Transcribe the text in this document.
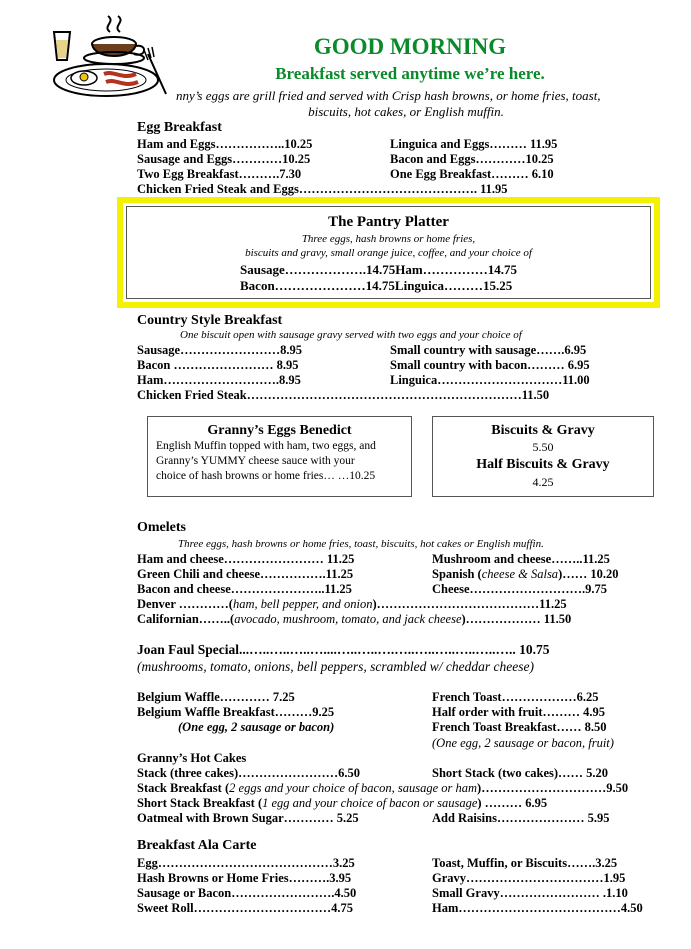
GOOD MORNING
Breakfast served anytime we’re here.
nny’s eggs are grill fried and served with Crisp hash browns, or home fries, toast,
biscuits, hot cakes, or English muffin.
Egg Breakfast
Ham and Eggs……………..10.25	Linguica and Eggs……… 11.95
Sausage and Eggs…………10.25	Bacon and Eggs…………10.25
Two Egg Breakfast……….7.30	One Egg Breakfast……… 6.10
Chicken Fried Steak and Eggs……………………………………. 11.95
The Pantry Platter
Three eggs, hash browns or home fries,
biscuits and gravy, small orange juice, coffee, and your choice of
Sausage……………….14.75Ham……………14.75
Bacon…………………14.75Linguica………15.25
Country Style Breakfast
One biscuit open with sausage gravy served with two eggs and your choice of
Sausage……………………8.95	Small country with sausage…….6.95
Bacon …………………… 8.95	Small country with bacon……… 6.95
Ham……………………….8.95	Linguica…………………………11.00
Chicken Fried Steak…………………………………………………………11.50
Granny’s Eggs Benedict
English Muffin topped with ham, two eggs, and
Granny’s YUMMY cheese sauce with your
choice of hash browns or home fries… …10.25
Biscuits & Gravy
5.50
Half Biscuits & Gravy
4.25
Omelets
Three eggs, hash browns or home fries, toast, biscuits, hot cakes or English muffin.
Ham and cheese…………………… 11.25	Mushroom and cheese……..11.25
Green Chili and cheese…………….11.25	Spanish (cheese & Salsa)…… 10.20
Bacon and cheese…………………..11.25	Cheese……………………….9.75
Denver …………(ham, bell pepper, and onion)…………………………………11.25
Californian……..(avocado, mushroom, tomato, and jack cheese)……………… 11.50
Joan Faul Special...…..…..…..…....…..…..….…..…..…..…..…..….. 10.75
(mushrooms, tomato, onions, bell peppers, scrambled w/ cheddar cheese)
Belgium Waffle………… 7.25	French Toast………………6.25
Belgium Waffle Breakfast………9.25	Half order with fruit……… 4.95
(One egg, 2 sausage or bacon)	French Toast Breakfast…… 8.50
(One egg, 2 sausage or bacon, fruit)
Granny’s Hot Cakes
Stack (three cakes)……………………6.50	Short Stack (two cakes)…… 5.20
Stack Breakfast (2 eggs and your choice of bacon, sausage or ham)…………………………9.50
Short Stack Breakfast (1 egg and your choice of bacon or sausage) ……… 6.95
Oatmeal with Brown Sugar………… 5.25	Add Raisins………………… 5.95
Breakfast Ala Carte
Egg……………………………………3.25	Toast, Muffin, or Biscuits…….3.25
Hash Browns or Home Fries……….3.95	Gravy……………………………1.95
Sausage or Bacon…………………….4.50	Small Gravy…………………… .1.10
Sweet Roll……………………………4.75	Ham…………………………………4.50
